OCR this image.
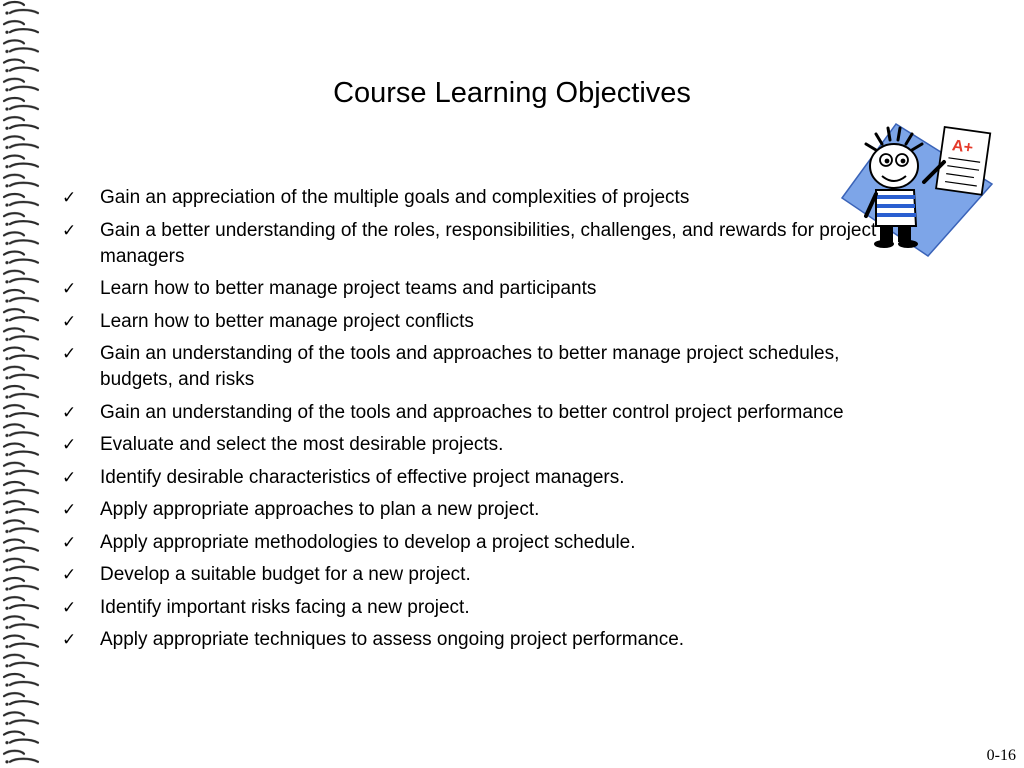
Course Learning Objectives
A+
✓ Gain an appreciation of the multiple goals and complexities of projects
✓ Gain a better understanding of the roles, responsibilities, challenges, and rewards for project managers
✓ Learn how to better manage project teams and participants
✓ Learn how to better manage project conflicts
✓ Gain an understanding of the tools and approaches to better manage project schedules, budgets, and risks
✓ Gain an understanding of the tools and approaches to better control project performance
✓ Evaluate and select the most desirable projects.
✓ Identify desirable characteristics of effective project managers.
✓ Apply appropriate approaches to plan a new project.
✓ Apply appropriate methodologies to develop a project schedule.
✓ Develop a suitable budget for a new project.
✓ Identify important risks facing a new project.
✓ Apply appropriate techniques to assess ongoing project performance.
0-16
